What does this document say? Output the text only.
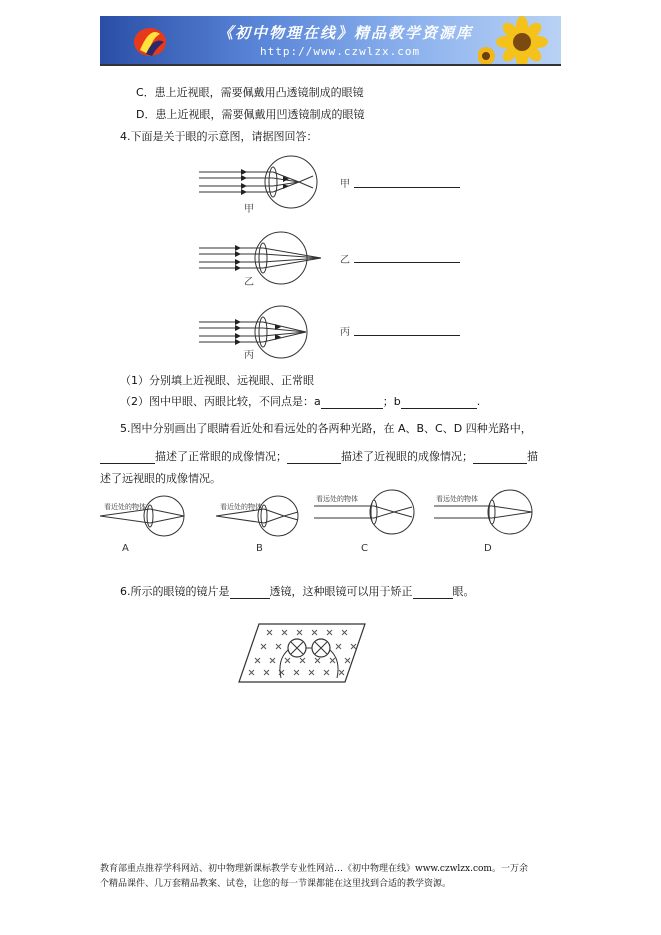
《初中物理在线》精品教学资源库
http://www.czwlzx.com
C．患上近视眼，需要佩戴用凸透镜制成的眼镜
D．患上近视眼，需要佩戴用凹透镜制成的眼镜
4.下面是关于眼的示意图，请据图回答：
甲
甲
乙
乙
丙
丙
（1）分别填上近视眼、远视眼、正常眼
（2）图中甲眼、丙眼比较，不同点是：a	；b	.
5.图中分别画出了眼睛看近处和看远处的各两种光路，在 A、B、C、D 四种光路中，
描述了正常眼的成像情况；	描述了近视眼的成像情况；	描
述了远视眼的成像情况。
看近处的物体
A
看近处的物体
B
看远处的物体
C
看远处的物体
D
6.所示的眼镜的镜片是	透镜，这种眼镜可以用于矫正	眼。
教育部重点推荐学科网站、初中物理新课标教学专业性网站…《初中物理在线》www.czwlzx.com。一万余
个精品课件、几万套精品教案、试卷，让您的每一节课都能在这里找到合适的教学资源。
